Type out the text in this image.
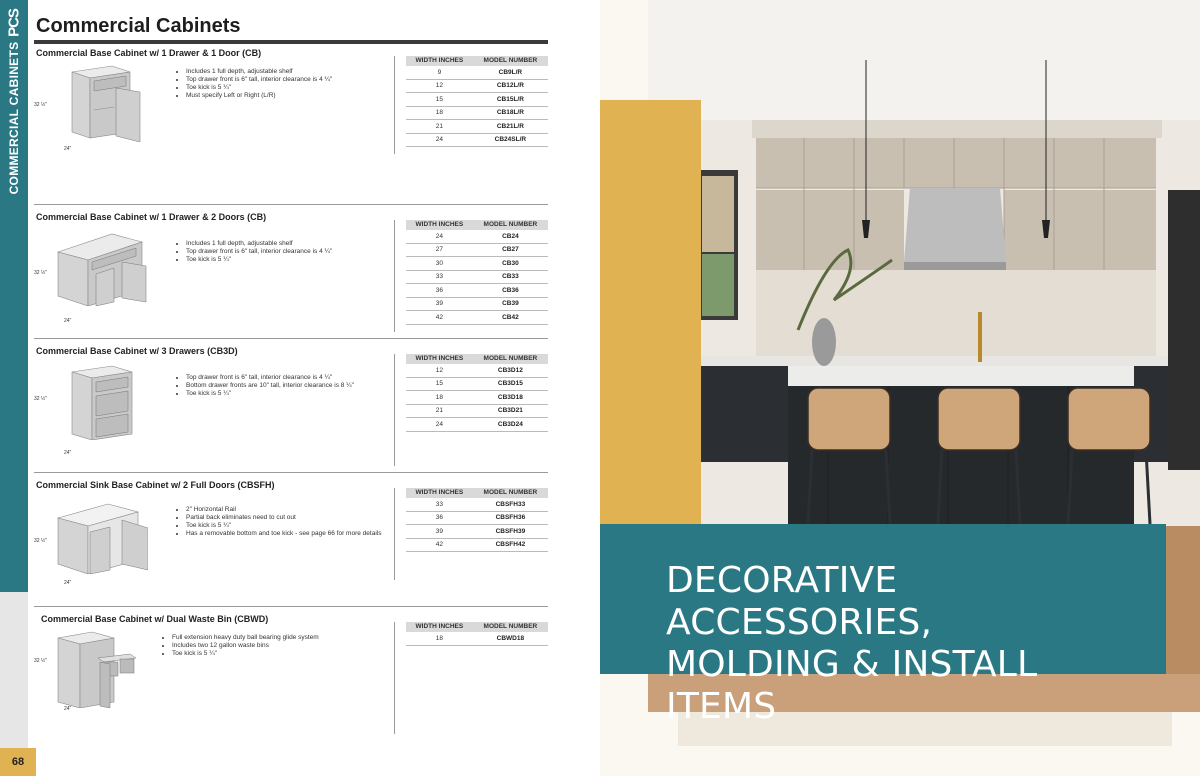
PCS
COMMERCIAL CABINETS
68
Commercial Cabinets
Commercial Base Cabinet w/ 1 Drawer & 1 Door (CB)
32 ½"
24"
• Includes 1 full depth, adjustable shelf
• Top drawer front is 6" tall, interior clearance is 4 ¼"
• Toe kick is 5 ¼"
• Must specify Left or Right (L/R)
WIDTH INCHES	MODEL NUMBER
9	CB9L/R
12	CB12L/R
15	CB15L/R
18	CB18L/R
21	CB21L/R
24	CB24SL/R
Commercial Base Cabinet w/ 1 Drawer & 2 Doors (CB)
32 ½"
24"
• Includes 1 full depth, adjustable shelf
• Top drawer front is 6" tall, interior clearance is 4 ¼"
• Toe kick is 5 ¼"
WIDTH INCHES	MODEL NUMBER
24	CB24
27	CB27
30	CB30
33	CB33
36	CB36
39	CB39
42	CB42
Commercial Base Cabinet w/ 3 Drawers (CB3D)
32 ½"
24"
• Top drawer front is 6" tall, interior clearance is 4 ¼"
• Bottom drawer fronts are 10" tall, interior clearance is 8 ¼"
• Toe kick is 5 ¼"
WIDTH INCHES	MODEL NUMBER
12	CB3D12
15	CB3D15
18	CB3D18
21	CB3D21
24	CB3D24
Commercial Sink Base Cabinet w/ 2 Full Doors (CBSFH)
32 ½"
24"
• 2" Horizontal Rail
• Partial back eliminates need to cut out
• Toe kick is 5 ¼"
• Has a removable bottom and toe kick - see page 66 for more details
WIDTH INCHES	MODEL NUMBER
33	CBSFH33
36	CBSFH36
39	CBSFH39
42	CBSFH42
Commercial Base Cabinet w/ Dual Waste Bin (CBWD)
32 ½"
24"
• Full extension heavy duty ball bearing glide system
• Includes two 12 gallon waste bins
• Toe kick is 5 ¼"
WIDTH INCHES	MODEL NUMBER
18	CBWD18
DECORATIVE ACCESSORIES,
MOLDING & INSTALL ITEMS
